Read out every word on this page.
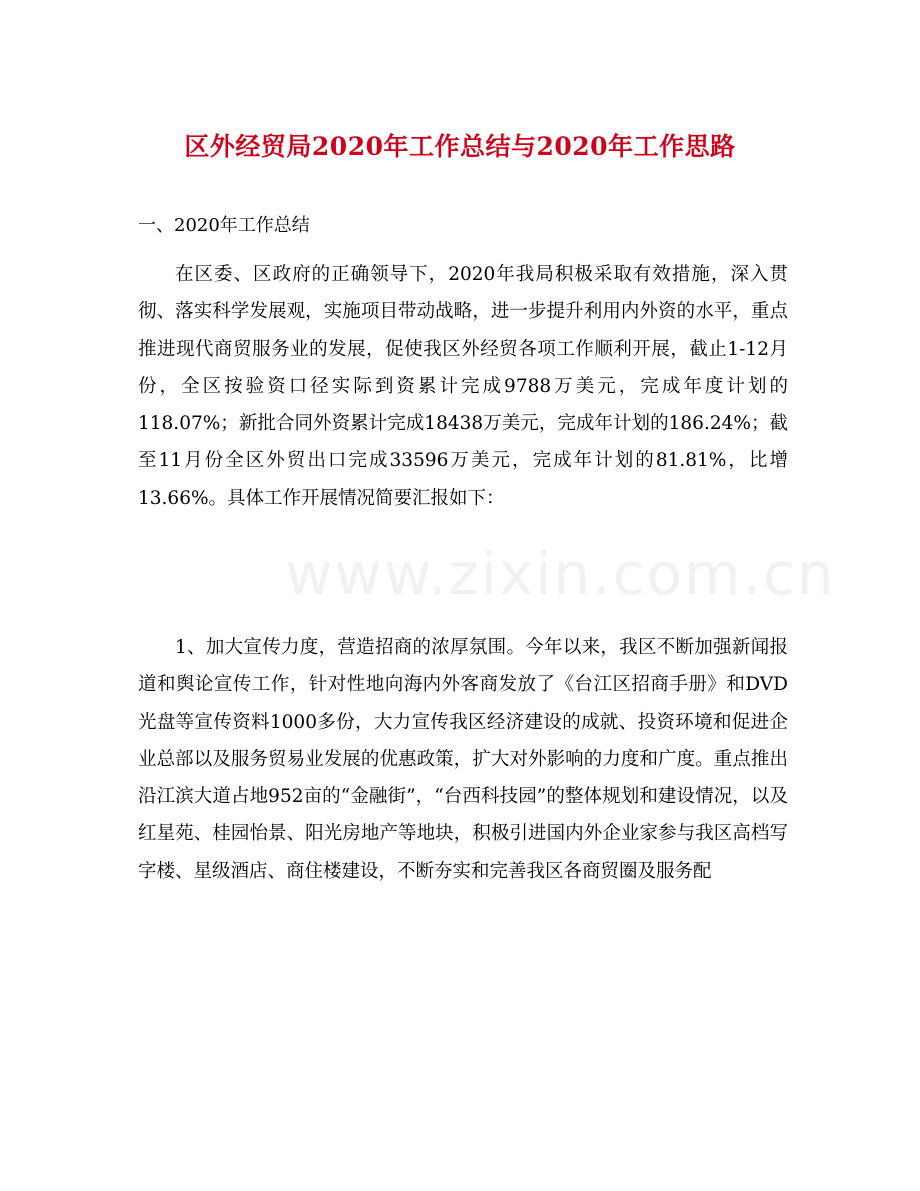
www.zixin.com.cn
区外经贸局2020年工作总结与2020年工作思路
一、2020年工作总结

在区委、区政府的正确领导下，2020年我局积极采取有效措施，深入贯彻、落实科学发展观，实施项目带动战略，进一步提升利用内外资的水平，重点推进现代商贸服务业的发展，促使我区外经贸各项工作顺利开展，截止1-12月份，全区按验资口径实际到资累计完成9788万美元，完成年度计划的118.07%；新批合同外资累计完成18438万美元，完成年计划的186.24%；截至11月份全区外贸出口完成33596万美元，完成年计划的81.81%，比增13.66%。具体工作开展情况简要汇报如下：

1、加大宣传力度，营造招商的浓厚氛围。今年以来，我区不断加强新闻报道和舆论宣传工作，针对性地向海内外客商发放了《台江区招商手册》和DVD光盘等宣传资料1000多份，大力宣传我区经济建设的成就、投资环境和促进企业总部以及服务贸易业发展的优惠政策，扩大对外影响的力度和广度。重点推出沿江滨大道占地952亩的“金融街”，“台西科技园”的整体规划和建设情况，以及红星苑、桂园怡景、阳光房地产等地块，积极引进国内外企业家参与我区高档写字楼、星级酒店、商住楼建设，不断夯实和完善我区各商贸圈及服务配
